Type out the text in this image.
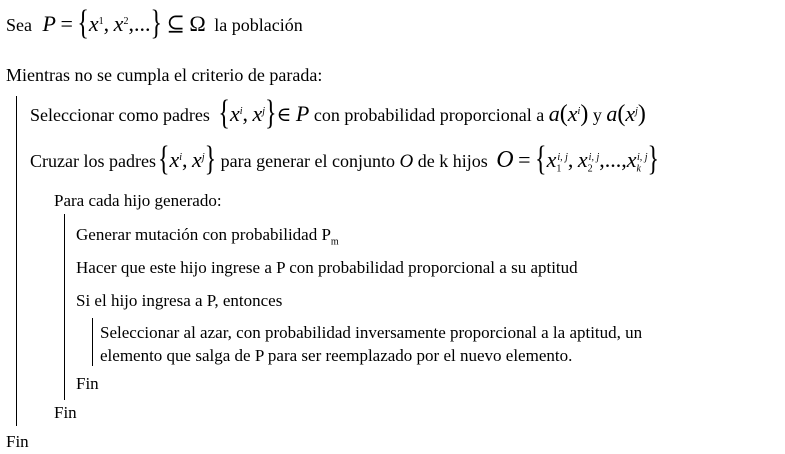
Sea $P = \{x^1$, $x^2$,...} ⊆ Ω la población
Mientras no se cumpla el criterio de parada:
Seleccionar como padres {$x^i$, $x^j\}\in$ P con probabilidad proporcional a $a(x^i)$ y $a(x^j)$
Cruzar los $padres\{x^i$, $x^j$} para generar el conjunto O de k hijos $O = \{x_1^{i, j}$, $x_2^{i, j},...,x_k^{i, j}$}
Para cada hijo generado:
Generar mutación con probabilidad $P_m$
Hacer que este hijo ingrese a P con probabilidad proporcional a su aptitud
Si el hijo ingresa a P, entonces
Seleccionar al azar, con probabilidad inversamente proporcional a la aptitud, un
elemento que salga de P para ser reemplazado por el nuevo elemento.
Fin
Fin
Fin
